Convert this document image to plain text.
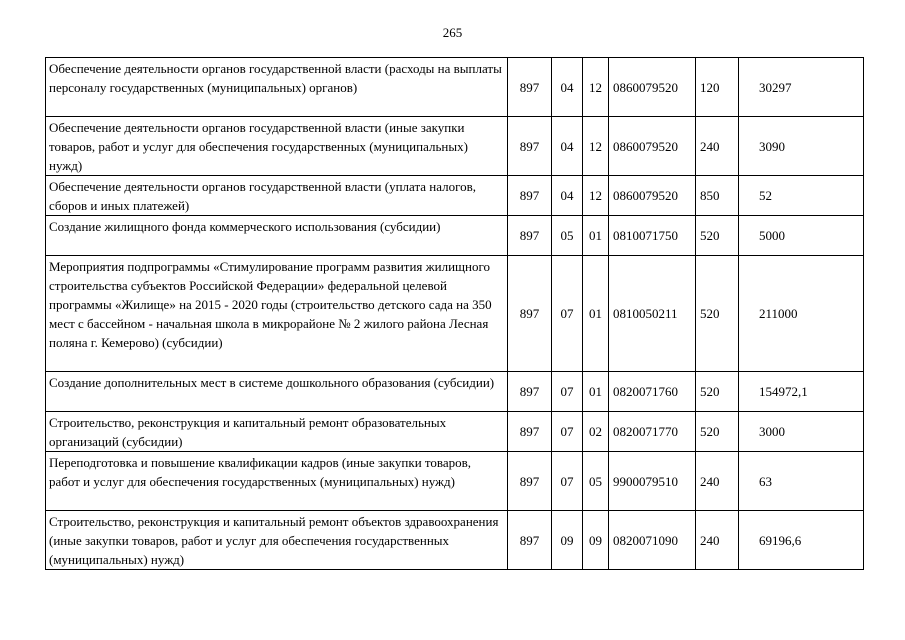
265
Обеспечение деятельности органов государственной власти (расходы на выплаты персоналу государственных (муниципальных) органов)	897	04	12	0860079520	120	30297
Обеспечение деятельности органов государственной власти (иные закупки товаров, работ и услуг для обеспечения государственных (муниципальных) нужд)	897	04	12	0860079520	240	3090
Обеспечение деятельности органов государственной власти (уплата налогов, сборов и иных платежей)	897	04	12	0860079520	850	52
Создание жилищного фонда коммерческого использования (субсидии)	897	05	01	0810071750	520	5000
Мероприятия подпрограммы «Стимулирование программ развития жилищного строительства субъектов Российской Федерации» федеральной целевой программы «Жилище» на 2015 - 2020 годы (строительство детского сада на 350 мест с бассейном - начальная школа в микрорайоне № 2 жилого района Лесная поляна г. Кемерово) (субсидии)	897	07	01	0810050211	520	211000
Создание дополнительных мест в системе дошкольного образования (субсидии)	897	07	01	0820071760	520	154972,1
Строительство, реконструкция и капитальный ремонт образовательных организаций (субсидии)	897	07	02	0820071770	520	3000
Переподготовка и повышение квалификации кадров (иные закупки товаров, работ и услуг для обеспечения государственных (муниципальных) нужд)	897	07	05	9900079510	240	63
Строительство, реконструкция и капитальный ремонт объектов здравоохранения (иные закупки товаров, работ и услуг для обеспечения государственных (муниципальных) нужд)	897	09	09	0820071090	240	69196,6
